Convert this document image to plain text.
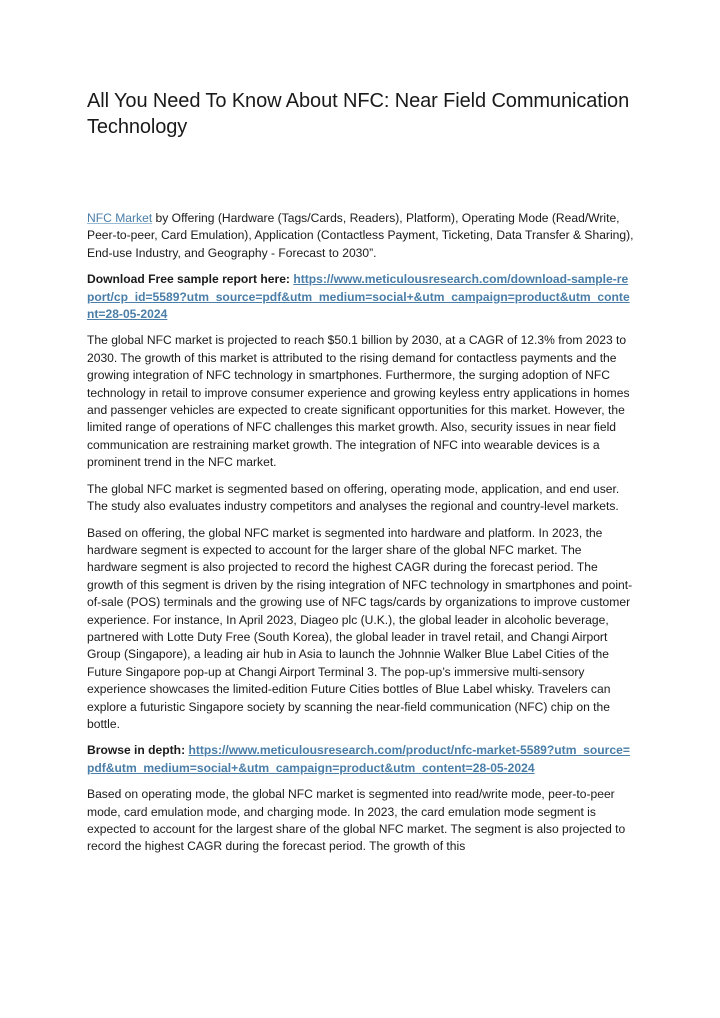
All You Need To Know About NFC: Near Field Communication Technology

NFC Market by Offering (Hardware (Tags/Cards, Readers), Platform), Operating Mode (Read/Write, Peer-to-peer, Card Emulation), Application (Contactless Payment, Ticketing, Data Transfer & Sharing), End-use Industry, and Geography - Forecast to 2030”.

Download Free sample report here: https://www.meticulousresearch.com/download-sample-report/cp_id=5589?utm_source=pdf&utm_medium=social+&utm_campaign=product&utm_content=28-05-2024

The global NFC market is projected to reach $50.1 billion by 2030, at a CAGR of 12.3% from 2023 to 2030. The growth of this market is attributed to the rising demand for contactless payments and the growing integration of NFC technology in smartphones. Furthermore, the surging adoption of NFC technology in retail to improve consumer experience and growing keyless entry applications in homes and passenger vehicles are expected to create significant opportunities for this market. However, the limited range of operations of NFC challenges this market growth. Also, security issues in near field communication are restraining market growth. The integration of NFC into wearable devices is a prominent trend in the NFC market.

The global NFC market is segmented based on offering, operating mode, application, and end user. The study also evaluates industry competitors and analyses the regional and country-level markets.

Based on offering, the global NFC market is segmented into hardware and platform. In 2023, the hardware segment is expected to account for the larger share of the global NFC market. The hardware segment is also projected to record the highest CAGR during the forecast period. The growth of this segment is driven by the rising integration of NFC technology in smartphones and point-of-sale (POS) terminals and the growing use of NFC tags/cards by organizations to improve customer experience. For instance, In April 2023, Diageo plc (U.K.), the global leader in alcoholic beverage, partnered with Lotte Duty Free (South Korea), the global leader in travel retail, and Changi Airport Group (Singapore), a leading air hub in Asia to launch the Johnnie Walker Blue Label Cities of the Future Singapore pop-up at Changi Airport Terminal 3. The pop-up’s immersive multi-sensory experience showcases the limited-edition Future Cities bottles of Blue Label whisky. Travelers can explore a futuristic Singapore society by scanning the near-field communication (NFC) chip on the bottle.

Browse in depth: https://www.meticulousresearch.com/product/nfc-market-5589?utm_source=pdf&utm_medium=social+&utm_campaign=product&utm_content=28-05-2024

Based on operating mode, the global NFC market is segmented into read/write mode, peer-to-peer mode, card emulation mode, and charging mode. In 2023, the card emulation mode segment is expected to account for the largest share of the global NFC market. The segment is also projected to record the highest CAGR during the forecast period. The growth of this
